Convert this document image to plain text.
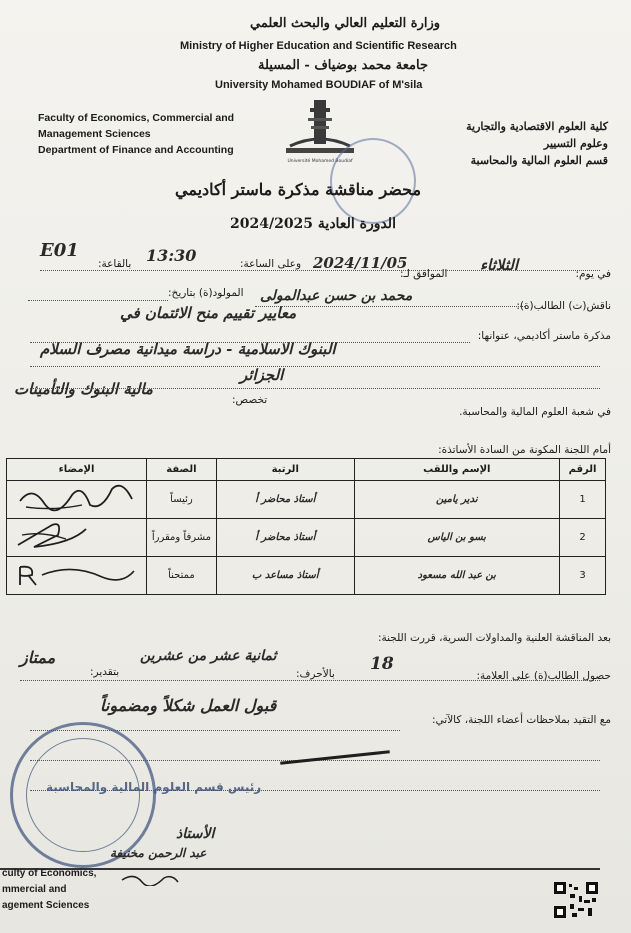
وزارة التعليم العالي والبحث العلمي
Ministry of Higher Education and Scientific Research
جامعة محمد بوضياف - المسيلة
University Mohamed BOUDIAF of M'sila
Université Mohamed Boudiaf
Faculty of Economics, Commercial and
Management Sciences
Department of Finance and Accounting
كلية العلوم الاقتصادية والتجارية
وعلوم التسيير
قسم العلوم المالية والمحاسبة
محضر مناقشة مذكرة ماستر أكاديمي
الدورة العادية 2024/2025
في يوم:
الثلاثاء
الموافق لـ:
2024/11/05
وعلى الساعة:
13:30
بالقاعة:
E01
ناقش(ت) الطالب(ة):
محمد بن حسن عبدالمولى
المولود(ة) بتاريخ:
مذكرة ماستر أكاديمي، عنوانها:
معايير تقييم منح الائتمان في
البنوك الاسلامية - دراسة ميدانية مصرف السلام
الجزائر
تخصص:
مالية البنوك والتأمينات
في شعبة العلوم المالية والمحاسبة.
أمام اللجنة المكونة من السادة الأساتذة:
الرقم	الإسم واللقب	الرتبة	الصفة	الإمضاء
1	ندير يامين	أستاذ محاضر أ	رئيساً	
2	بسو بن الياس	أستاذ محاضر أ	مشرفاً ومقرراً	
3	بن عبد الله مسعود	أستاذ مساعد ب	ممتحناً	
بعد المناقشة العلنية والمداولات السرية، قررت اللجنة:
حصول الطالب(ة) على العلامة:
18
بالأحرف:
ثمانية عشر من عشرين
بتقدير:
ممتاز
مع التقيد بملاحظات أعضاء اللجنة، كالآتي:
قبول العمل شكلاً ومضموناً
رئيس قسم العلوم المالية والمحاسبة
الأستاذ
عبد الرحمن مخنيفة
culty of Economics,
mmercial and
agement Sciences
